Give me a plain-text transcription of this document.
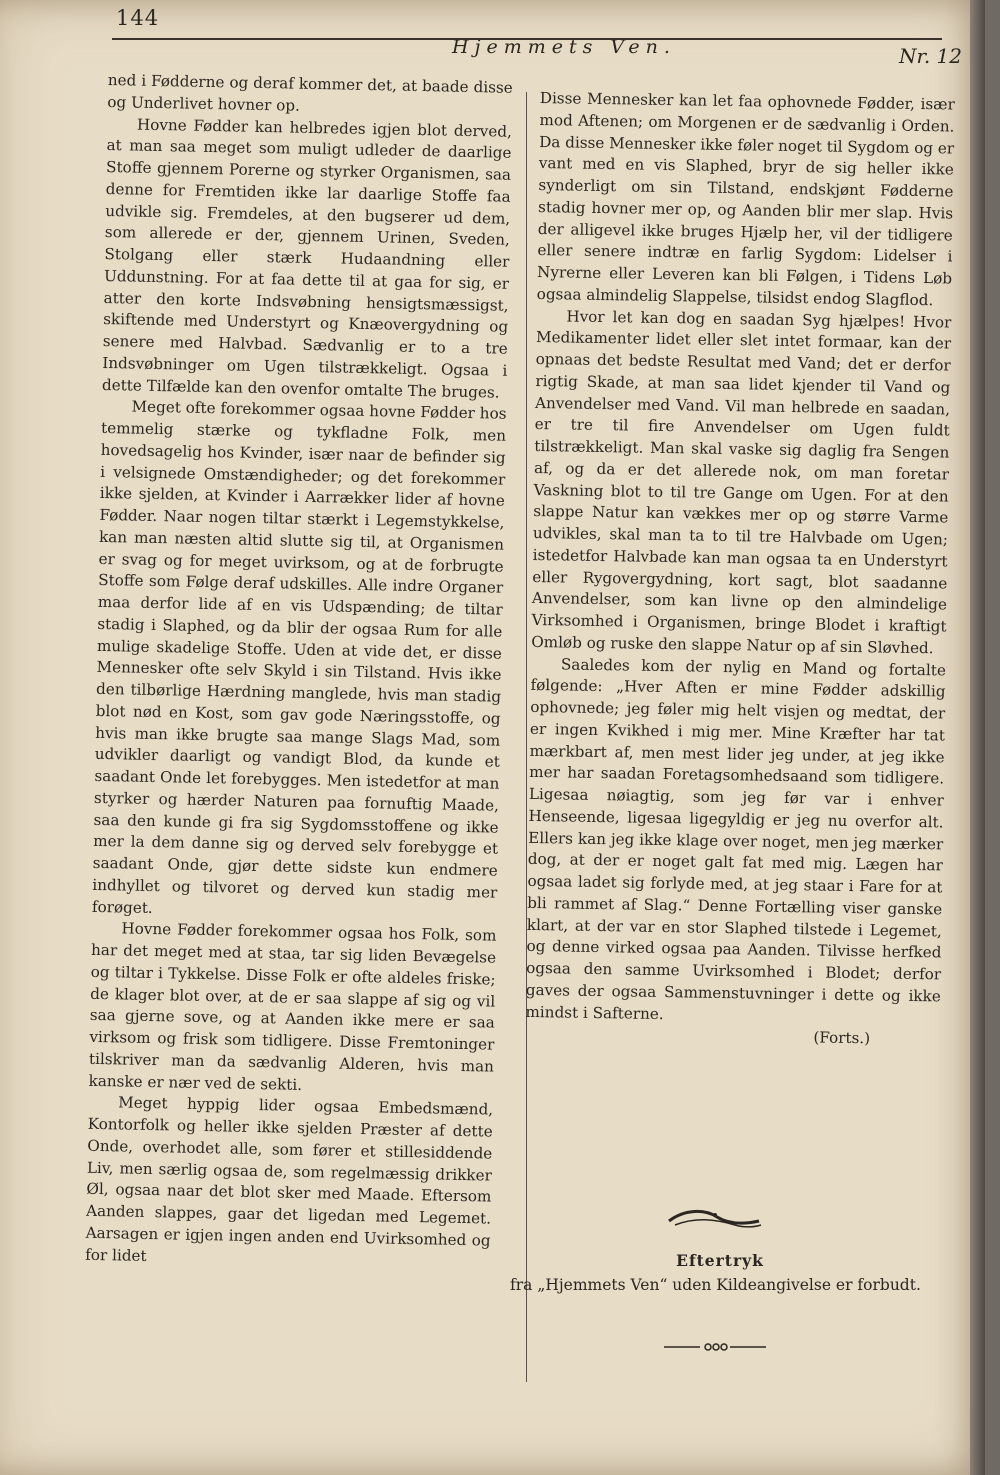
144
Hjemmets Ven.	Nr. 12

ned i Fødderne og deraf kommer det, at baade disse og Underlivet hovner op.

Hovne Fødder kan helbredes igjen blot derved, at man saa meget som muligt udleder de daarlige Stoffe gjennem Porerne og styrker Organismen, saa denne for Fremtiden ikke lar daarlige Stoffe faa udvikle sig. Fremdeles, at den bugserer ud dem, som allerede er der, gjennem Urinen, Sveden, Stolgang eller stærk Hudaandning eller Uddunstning. For at faa dette til at gaa for sig, er atter den korte Indsvøbning hensigtsmæssigst, skiftende med Understyrt og Knæovergydning og senere med Halvbad. Sædvanlig er to a tre Indsvøbninger om Ugen tilstrækkeligt. Ogsaa i dette Tilfælde kan den ovenfor omtalte The bruges.

Meget ofte forekommer ogsaa hovne Fødder hos temmelig stærke og tykfladne Folk, men hovedsagelig hos Kvinder, især naar de befinder sig i velsignede Omstændigheder; og det forekommer ikke sjelden, at Kvinder i Aarrækker lider af hovne Fødder. Naar nogen tiltar stærkt i Legemstykkelse, kan man næsten altid slutte sig til, at Organismen er svag og for meget uvirksom, og at de forbrugte Stoffe som Følge deraf udskilles. Alle indre Organer maa derfor lide af en vis Udspænding; de tiltar stadig i Slaphed, og da blir der ogsaa Rum for alle mulige skadelige Stoffe. Uden at vide det, er disse Mennesker ofte selv Skyld i sin Tilstand. Hvis ikke den tilbørlige Hærdning manglede, hvis man stadig blot nød en Kost, som gav gode Næringsstoffe, og hvis man ikke brugte saa mange Slags Mad, som udvikler daarligt og vandigt Blod, da kunde et saadant Onde let forebygges. Men istedetfor at man styrker og hærder Naturen paa fornuftig Maade, saa den kunde gi fra sig Sygdomsstoffene og ikke mer la dem danne sig og derved selv forebygge et saadant Onde, gjør dette sidste kun endmere indhyllet og tilvoret og derved kun stadig mer forøget.

Hovne Fødder forekommer ogsaa hos Folk, som har det meget med at staa, tar sig liden Bevægelse og tiltar i Tykkelse. Disse Folk er ofte aldeles friske; de klager blot over, at de er saa slappe af sig og vil saa gjerne sove, og at Aanden ikke mere er saa virksom og frisk som tidligere. Disse Fremtoninger tilskriver man da sædvanlig Alderen, hvis man kanske er nær ved de sekti.

Meget hyppig lider ogsaa Embedsmænd, Kontorfolk og heller ikke sjelden Præster af dette Onde, overhodet alle, som fører et stillesiddende Liv, men særlig ogsaa de, som regelmæssig drikker Øl, ogsaa naar det blot sker med Maade. Eftersom Aanden slappes, gaar det ligedan med Legemet. Aarsagen er igjen ingen anden end Uvirksomhed og for lidet

Disse Mennesker kan let faa ophovnede Fødder, især mod Aftenen; om Morgenen er de sædvanlig i Orden. Da disse Mennesker ikke føler noget til Sygdom og er vant med en vis Slaphed, bryr de sig heller ikke synderligt om sin Tilstand, endskjønt Fødderne stadig hovner mer op, og Aanden blir mer slap. Hvis der alligevel ikke bruges Hjælp her, vil der tidligere eller senere indtræ en farlig Sygdom: Lidelser i Nyrerne eller Leveren kan bli Følgen, i Tidens Løb ogsaa almindelig Slappelse, tilsidst endog Slagflod.

Hvor let kan dog en saadan Syg hjælpes! Hvor Medikamenter lidet eller slet intet formaar, kan der opnaas det bedste Resultat med Vand; det er derfor rigtig Skade, at man saa lidet kjender til Vand og Anvendelser med Vand. Vil man helbrede en saadan, er tre til fire Anvendelser om Ugen fuldt tilstrækkeligt. Man skal vaske sig daglig fra Sengen af, og da er det allerede nok, om man foretar Vaskning blot to til tre Gange om Ugen. For at den slappe Natur kan vækkes mer op og større Varme udvikles, skal man ta to til tre Halvbade om Ugen; istedetfor Halvbade kan man ogsaa ta en Understyrt eller Rygovergydning, kort sagt, blot saadanne Anvendelser, som kan livne op den almindelige Virksomhed i Organismen, bringe Blodet i kraftigt Omløb og ruske den slappe Natur op af sin Sløvhed.

Saaledes kom der nylig en Mand og fortalte følgende: „Hver Aften er mine Fødder adskillig ophovnede; jeg føler mig helt visjen og medtat, der er ingen Kvikhed i mig mer. Mine Kræfter har tat mærkbart af, men mest lider jeg under, at jeg ikke mer har saadan Foretagsomhedsaand som tidligere. Ligesaa nøiagtig, som jeg før var i enhver Henseende, ligesaa ligegyldig er jeg nu overfor alt. Ellers kan jeg ikke klage over noget, men jeg mærker dog, at der er noget galt fat med mig. Lægen har ogsaa ladet sig forlyde med, at jeg staar i Fare for at bli rammet af Slag.“ Denne Fortælling viser ganske klart, at der var en stor Slaphed tilstede i Legemet, og denne virked ogsaa paa Aanden. Tilvisse herfked ogsaa den samme Uvirksomhed i Blodet; derfor gaves der ogsaa Sammenstuvninger i dette og ikke mindst i Safterne.

(Forts.)

Eftertryk
fra „Hjemmets Ven“ uden Kildeangivelse er forbudt.
